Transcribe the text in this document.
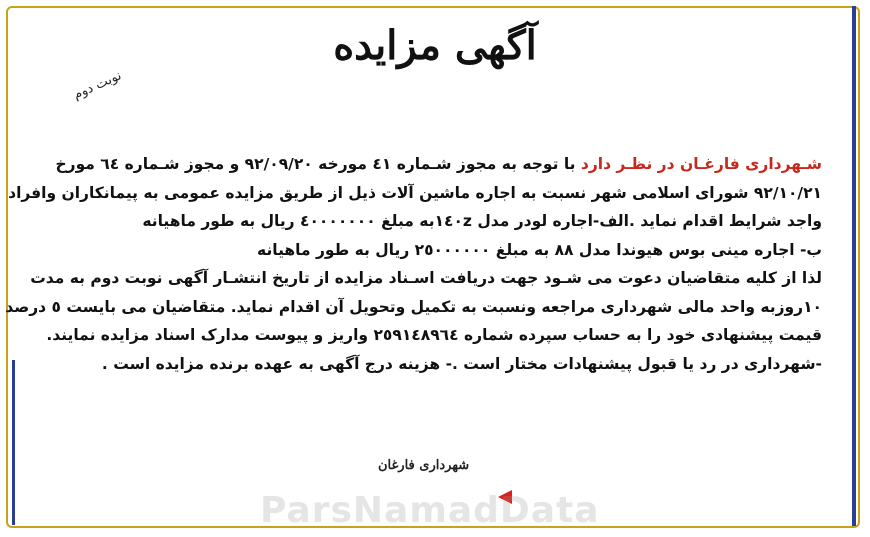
آگهی مزایده
نوبت دوم
شـهرداری فارغـان در نظـر دارد با توجه به مجوز شـماره ٤١ مورخه ٩٢/٠٩/٢٠ و مجوز شـماره ٦٤ مورخ
٩٢/١٠/٢١ شورای اسلامی شهر نسبت به اجاره ماشین آلات ذیل از طریق مزایده عمومی به پیمانکاران وافراد
واجد شرایط اقدام نماید .الف-اجاره لودر مدل ١٤٠zبه مبلغ ٤٠٠٠٠٠٠٠ ریال به طور ماهیانه
ب- اجاره مینی بوس هیوندا مدل ٨٨ به مبلغ ٢٥٠٠٠٠٠٠ ریال به طور ماهیانه
لذا از کلیه متقاضیان دعوت می شـود جهت دریافت اسـناد مزایده از تاریخ انتشـار آگهی نوبت دوم به مدت
١٠روزبه واحد مالی شهرداری مراجعه ونسبت به تکمیل وتحویل آن اقدام نماید. متقاضیان می بایست ٥ درصد
قیمت پیشنهادی خود را به حساب سپرده شماره ٢٥٩١٤٨٩٦٤ واریز و پیوست مدارک اسناد مزایده نمایند.
-شهرداری در رد یا قبول پیشنهادات مختار است .- هزینه درج آگهی به عهده برنده مزایده است .
شهرداری فارغان
ParsNamadData
